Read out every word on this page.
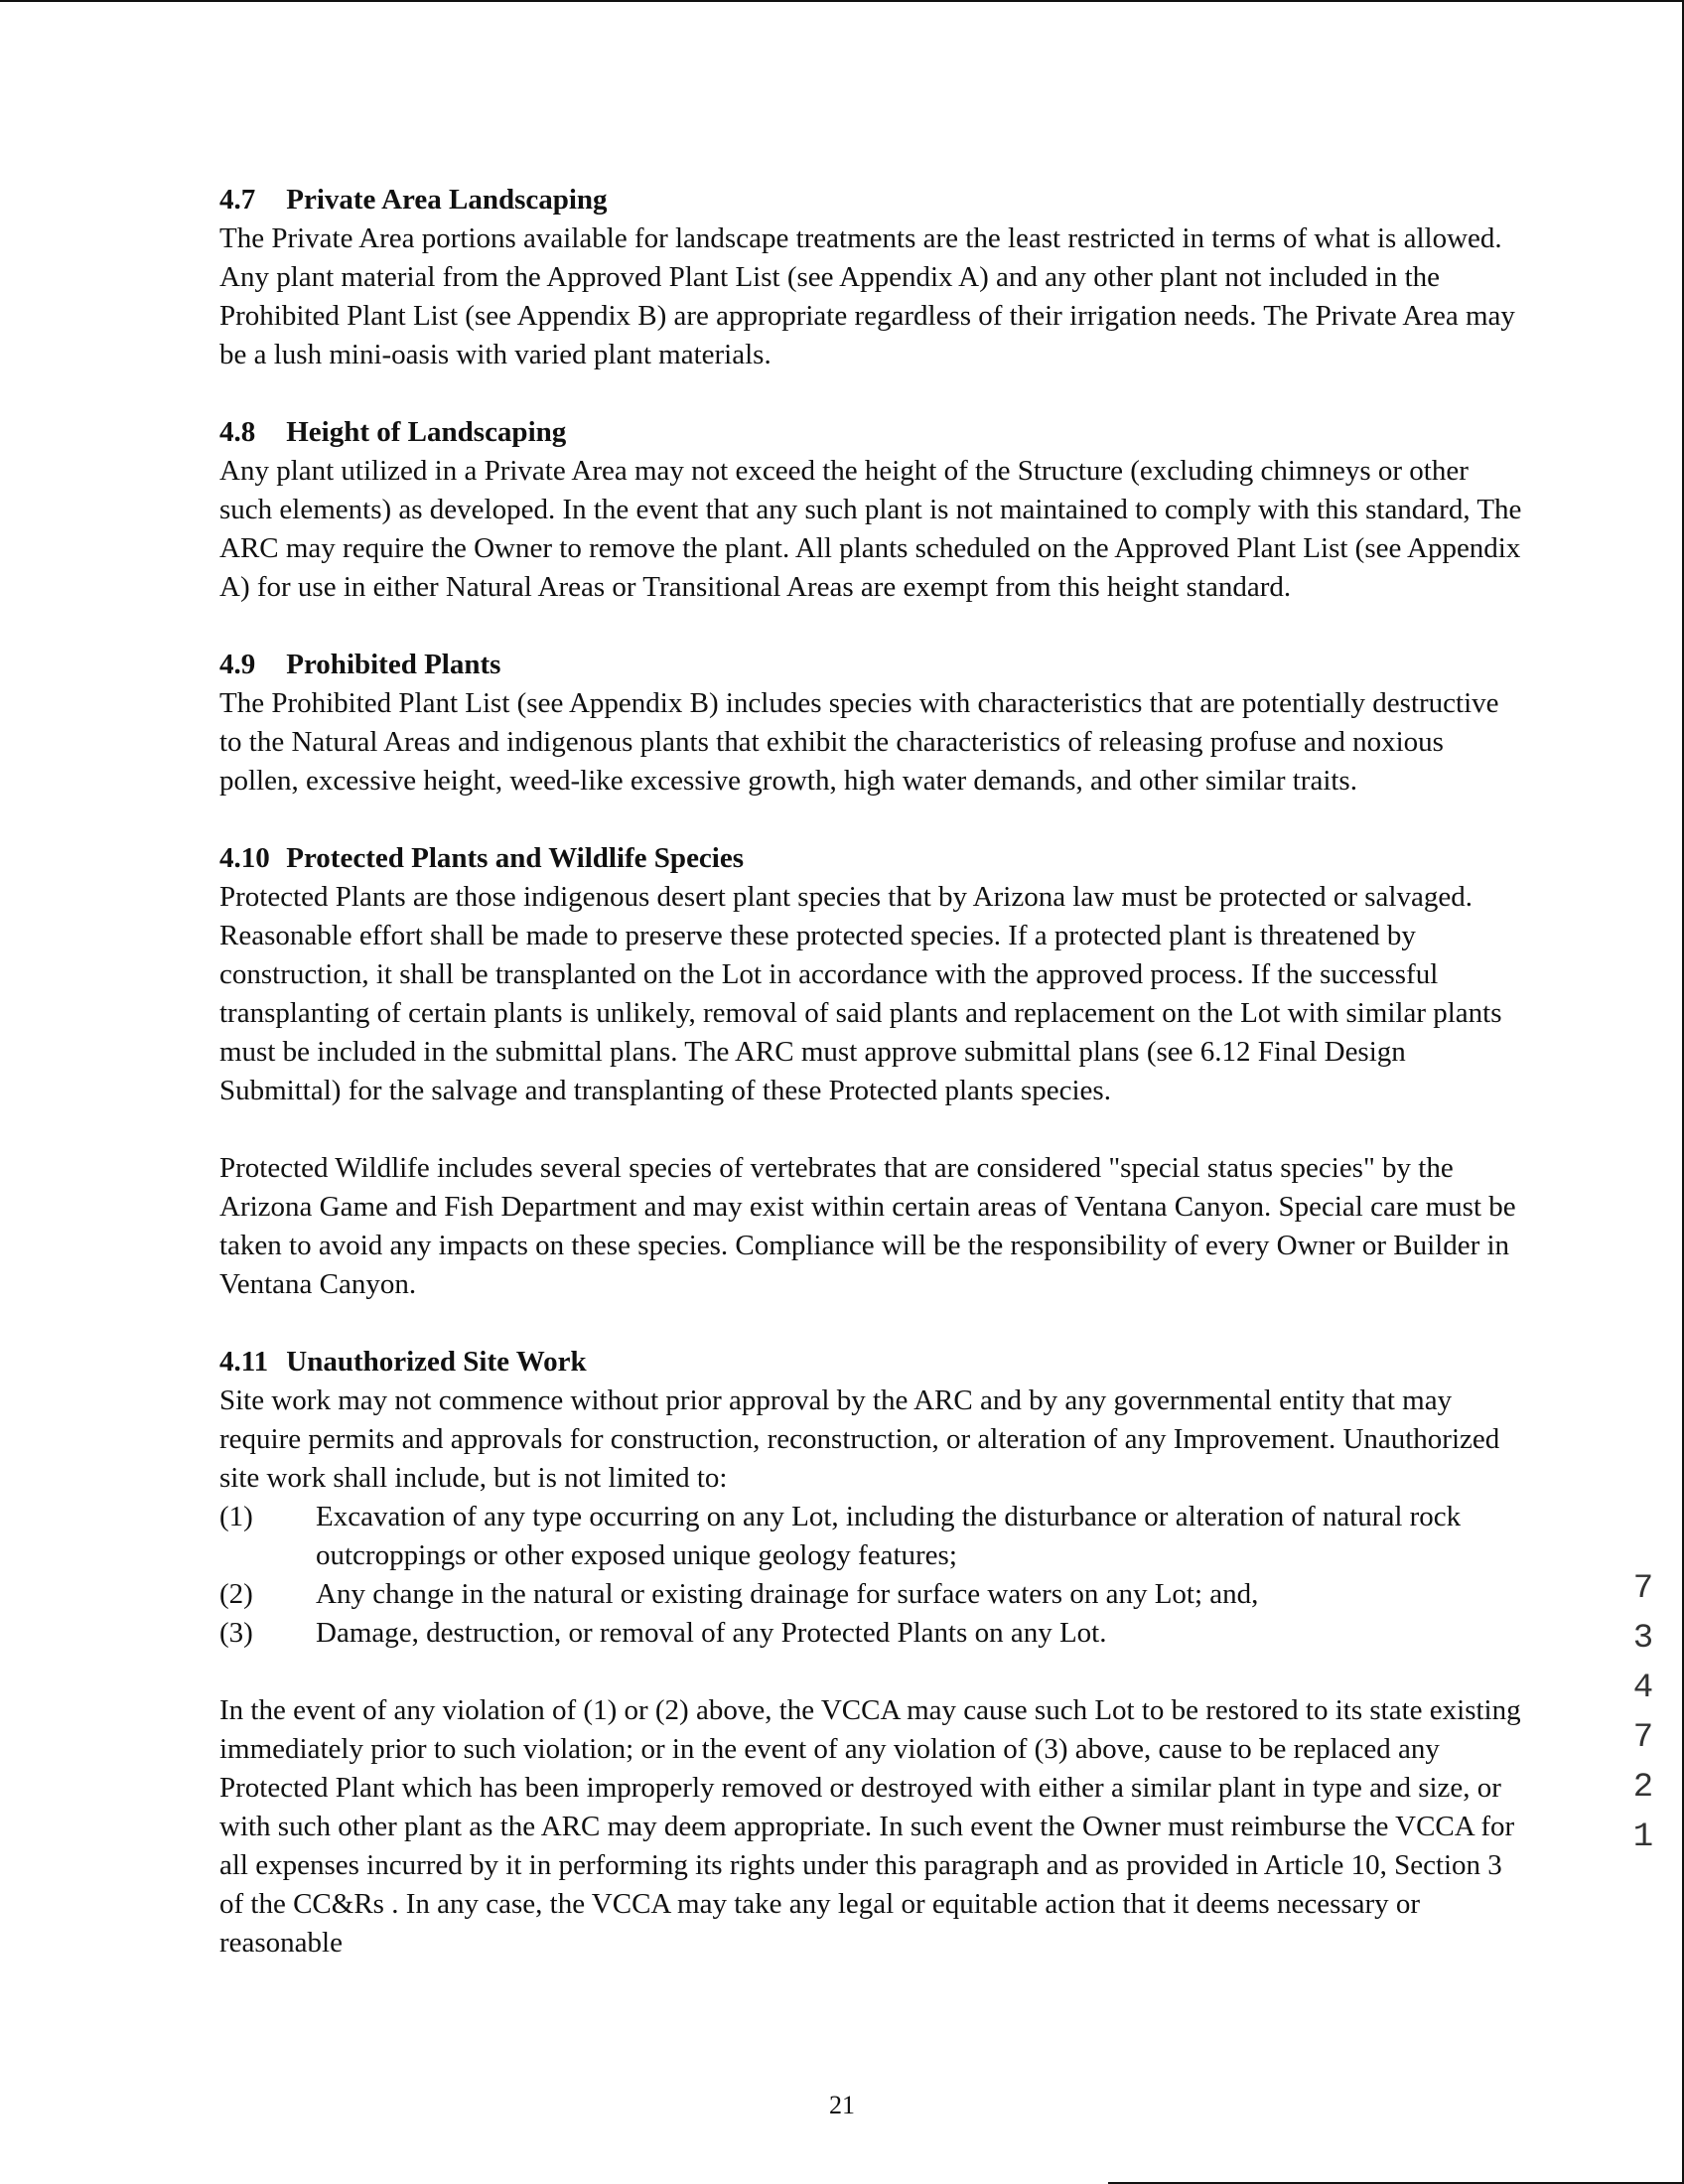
4.7 Private Area Landscaping

The Private Area portions available for landscape treatments are the least restricted in terms of what is allowed. Any plant material from the Approved Plant List (see Appendix A) and any other plant not included in the Prohibited Plant List (see Appendix B) are appropriate regardless of their irrigation needs. The Private Area may be a lush mini-oasis with varied plant materials.

4.8 Height of Landscaping

Any plant utilized in a Private Area may not exceed the height of the Structure (excluding chimneys or other such elements) as developed. In the event that any such plant is not maintained to comply with this standard, The ARC may require the Owner to remove the plant. All plants scheduled on the Approved Plant List (see Appendix A) for use in either Natural Areas or Transitional Areas are exempt from this height standard.

4.9 Prohibited Plants

The Prohibited Plant List (see Appendix B) includes species with characteristics that are potentially destructive to the Natural Areas and indigenous plants that exhibit the characteristics of releasing profuse and noxious pollen, excessive height, weed-like excessive growth, high water demands, and other similar traits.

4.10 Protected Plants and Wildlife Species

Protected Plants are those indigenous desert plant species that by Arizona law must be protected or salvaged. Reasonable effort shall be made to preserve these protected species. If a protected plant is threatened by construction, it shall be transplanted on the Lot in accordance with the approved process. If the successful transplanting of certain plants is unlikely, removal of said plants and replacement on the Lot with similar plants must be included in the submittal plans. The ARC must approve submittal plans (see 6.12 Final Design Submittal) for the salvage and transplanting of these Protected plants species.

Protected Wildlife includes several species of vertebrates that are considered "special status species" by the Arizona Game and Fish Department and may exist within certain areas of Ventana Canyon. Special care must be taken to avoid any impacts on these species. Compliance will be the responsibility of every Owner or Builder in Ventana Canyon.

4.11 Unauthorized Site Work

Site work may not commence without prior approval by the ARC and by any governmental entity that may require permits and approvals for construction, reconstruction, or alteration of any Improvement. Unauthorized site work shall include, but is not limited to:

(1) Excavation of any type occurring on any Lot, including the disturbance or alteration of natural rock outcroppings or other exposed unique geology features;
(2) Any change in the natural or existing drainage for surface waters on any Lot; and,
(3) Damage, destruction, or removal of any Protected Plants on any Lot.

In the event of any violation of (1) or (2) above, the VCCA may cause such Lot to be restored to its state existing immediately prior to such violation; or in the event of any violation of (3) above, cause to be replaced any Protected Plant which has been improperly removed or destroyed with either a similar plant in type and size, or with such other plant as the ARC may deem appropriate. In such event the Owner must reimburse the VCCA for all expenses incurred by it in performing its rights under this paragraph and as provided in Article 10, Section 3 of the CC&Rs . In any case, the VCCA may take any legal or equitable action that it deems necessary or reasonable

7 3 4 7 2 1
21
